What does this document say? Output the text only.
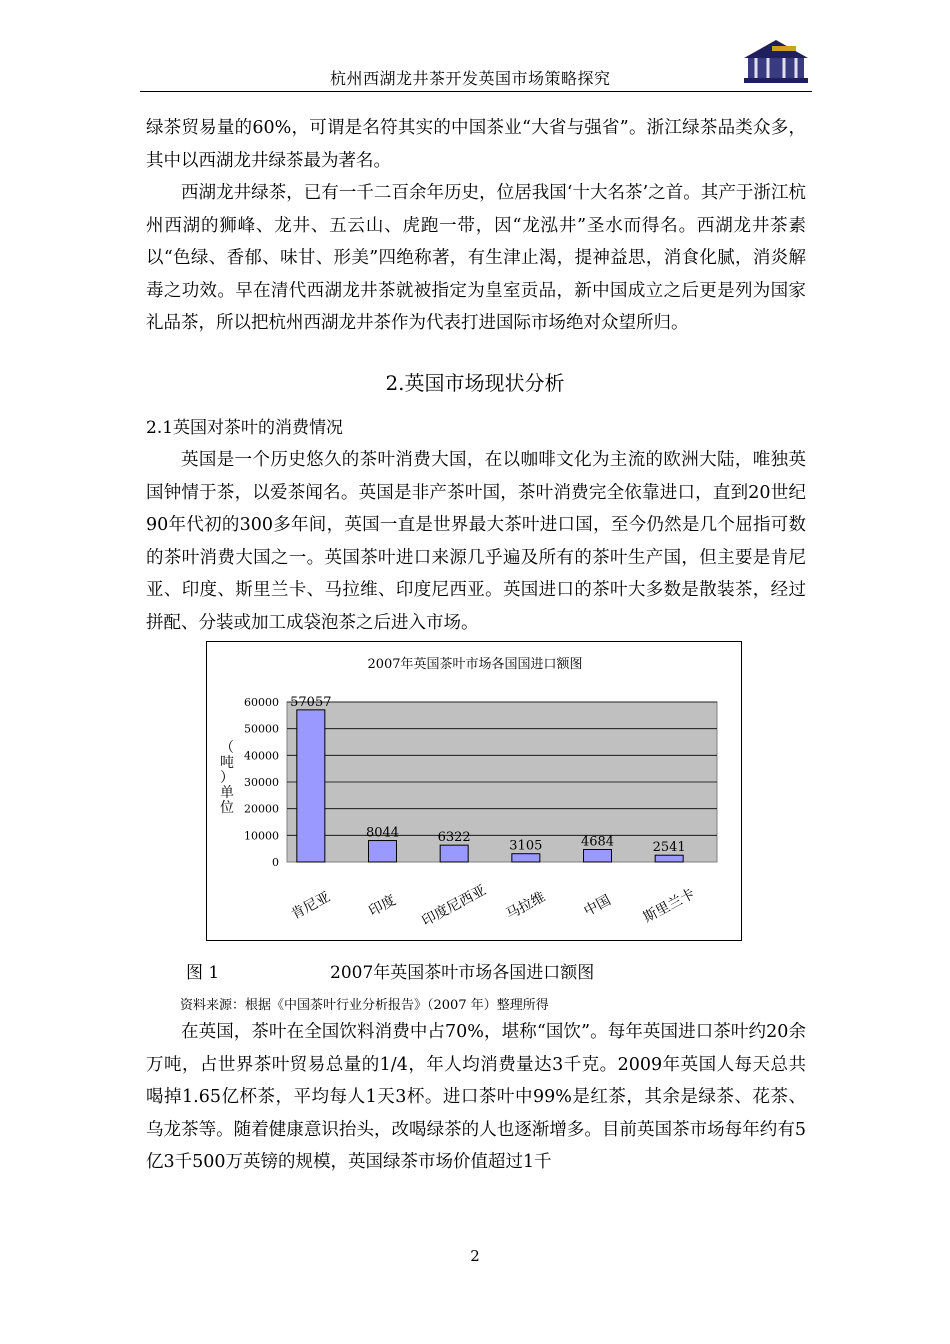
杭州西湖龙井茶开发英国市场策略探究

绿茶贸易量的60%，可谓是名符其实的中国茶业“大省与强省”。浙江绿茶品类众多，其中以西湖龙井绿茶最为著名。

西湖龙井绿茶，已有一千二百余年历史，位居我国‘十大名茶’之首。其产于浙江杭州西湖的狮峰、龙井、五云山、虎跑一带，因“龙泓井”圣水而得名。西湖龙井茶素以“色绿、香郁、味甘、形美”四绝称著，有生津止渴，提神益思，消食化腻，消炎解毒之功效。早在清代西湖龙井茶就被指定为皇室贡品，新中国成立之后更是列为国家礼品茶，所以把杭州西湖龙井茶作为代表打进国际市场绝对众望所归。

2.英国市场现状分析
2.1英国对茶叶的消费情况

英国是一个历史悠久的茶叶消费大国，在以咖啡文化为主流的欧洲大陆，唯独英国钟情于茶，以爱茶闻名。英国是非产茶叶国，茶叶消费完全依靠进口，直到20世纪90年代初的300多年间，英国一直是世界最大茶叶进口国，至今仍然是几个屈指可数的茶叶消费大国之一。英国茶叶进口来源几乎遍及所有的茶叶生产国，但主要是肯尼亚、印度、斯里兰卡、马拉维、印度尼西亚。英国进口的茶叶大多数是散装茶，经过拼配、分装或加工成袋泡茶之后进入市场。

2007年英国茶叶市场各国国进口额图
0
10000
20000
30000
40000
50000
60000
（
吨
）
单
位
57057
8044	6322
3105	4684	2541
肯尼亚 印度 印度尼西亚 马拉维 中国 斯里兰卡
图 1	2007年英国茶叶市场各国进口额图
资料来源：根据《中国茶叶行业分析报告》（2007 年）整理所得

在英国，茶叶在全国饮料消费中占70%，堪称“国饮”。每年英国进口茶叶约20余万吨，占世界茶叶贸易总量的1/4，年人均消费量达3千克。2009年英国人每天总共喝掉1.65亿杯茶，平均每人1天3杯。进口茶叶中99%是红茶，其余是绿茶、花茶、乌龙茶等。随着健康意识抬头，改喝绿茶的人也逐渐增多。目前英国茶市场每年约有5亿3千500万英镑的规模，英国绿茶市场价值超过1千

2
